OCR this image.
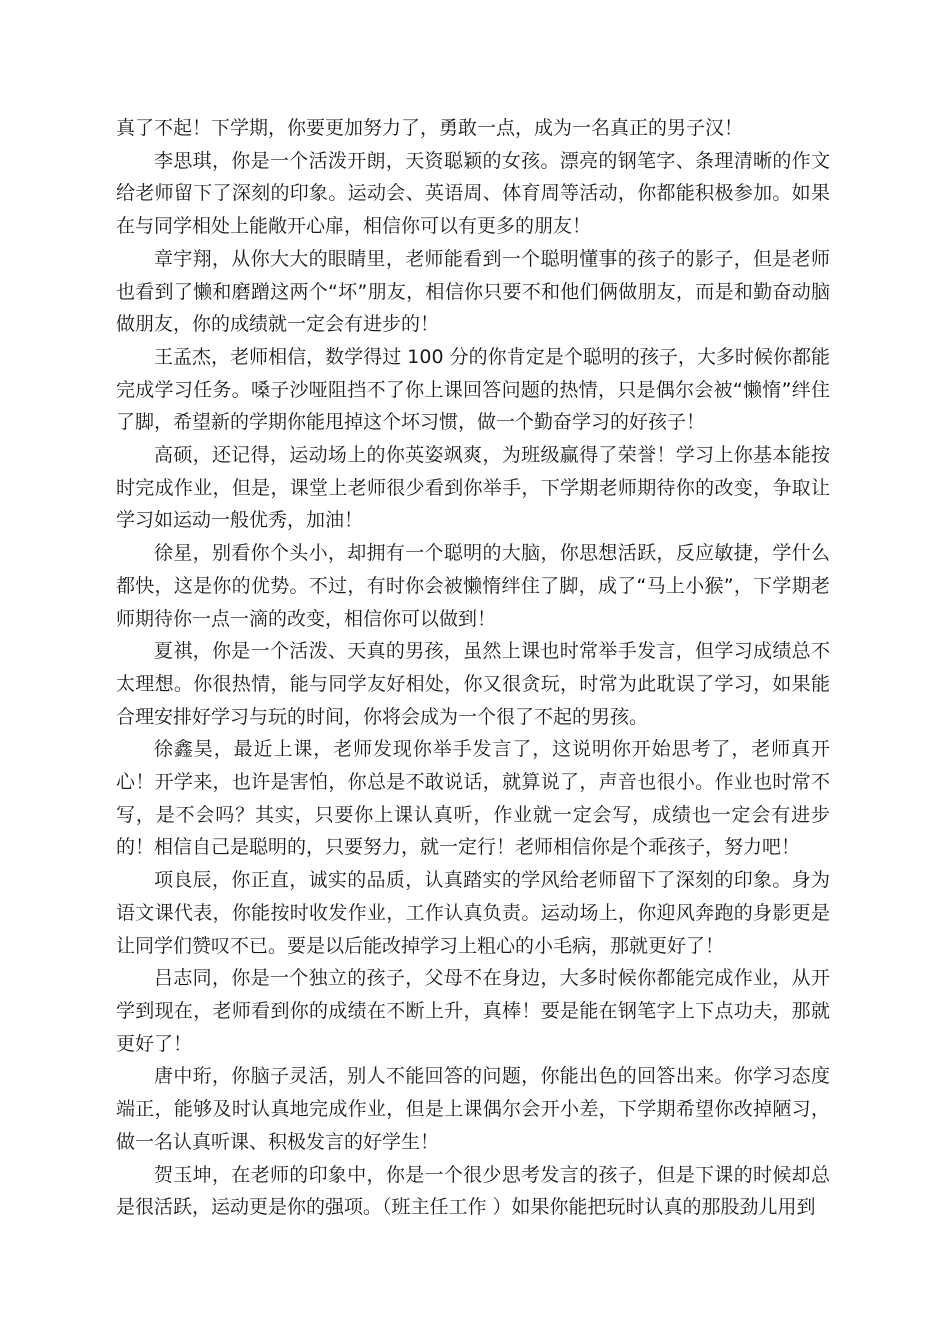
真了不起！下学期，你要更加努力了，勇敢一点，成为一名真正的男子汉！

李思琪，你是一个活泼开朗，天资聪颖的女孩。漂亮的钢笔字、条理清晰的作文给老师留下了深刻的印象。运动会、英语周、体育周等活动，你都能积极参加。如果在与同学相处上能敞开心扉，相信你可以有更多的朋友！

章宇翔，从你大大的眼睛里，老师能看到一个聪明懂事的孩子的影子，但是老师也看到了懒和磨蹭这两个“坏”朋友，相信你只要不和他们俩做朋友，而是和勤奋动脑做朋友，你的成绩就一定会有进步的！

王孟杰，老师相信，数学得过 100 分的你肯定是个聪明的孩子，大多时候你都能完成学习任务。嗓子沙哑阻挡不了你上课回答问题的热情，只是偶尔会被“懒惰”绊住了脚，希望新的学期你能甩掉这个坏习惯，做一个勤奋学习的好孩子！

高硕，还记得，运动场上的你英姿飒爽，为班级赢得了荣誉！学习上你基本能按时完成作业，但是，课堂上老师很少看到你举手，下学期老师期待你的改变，争取让学习如运动一般优秀，加油！

徐星，别看你个头小，却拥有一个聪明的大脑，你思想活跃，反应敏捷，学什么都快，这是你的优势。不过，有时你会被懒惰绊住了脚，成了“马上小猴”，下学期老师期待你一点一滴的改变，相信你可以做到！

夏祺，你是一个活泼、天真的男孩，虽然上课也时常举手发言，但学习成绩总不太理想。你很热情，能与同学友好相处，你又很贪玩，时常为此耽误了学习，如果能合理安排好学习与玩的时间，你将会成为一个很了不起的男孩。

徐鑫昊，最近上课，老师发现你举手发言了，这说明你开始思考了，老师真开心！开学来，也许是害怕，你总是不敢说话，就算说了，声音也很小。作业也时常不写，是不会吗？其实，只要你上课认真听，作业就一定会写，成绩也一定会有进步的！相信自己是聪明的，只要努力，就一定行！老师相信你是个乖孩子，努力吧！

项良辰，你正直，诚实的品质，认真踏实的学风给老师留下了深刻的印象。身为语文课代表，你能按时收发作业，工作认真负责。运动场上，你迎风奔跑的身影更是让同学们赞叹不已。要是以后能改掉学习上粗心的小毛病，那就更好了！

吕志同，你是一个独立的孩子，父母不在身边，大多时候你都能完成作业，从开学到现在，老师看到你的成绩在不断上升，真棒！要是能在钢笔字上下点功夫，那就更好了！

唐中珩，你脑子灵活，别人不能回答的问题，你能出色的回答出来。你学习态度端正，能够及时认真地完成作业，但是上课偶尔会开小差，下学期希望你改掉陋习，做一名认真听课、积极发言的好学生！

贺玉坤，在老师的印象中，你是一个很少思考发言的孩子，但是下课的时候却总是很活跃，运动更是你的强项。（班主任工作 ）如果你能把玩时认真的那股劲儿用到
